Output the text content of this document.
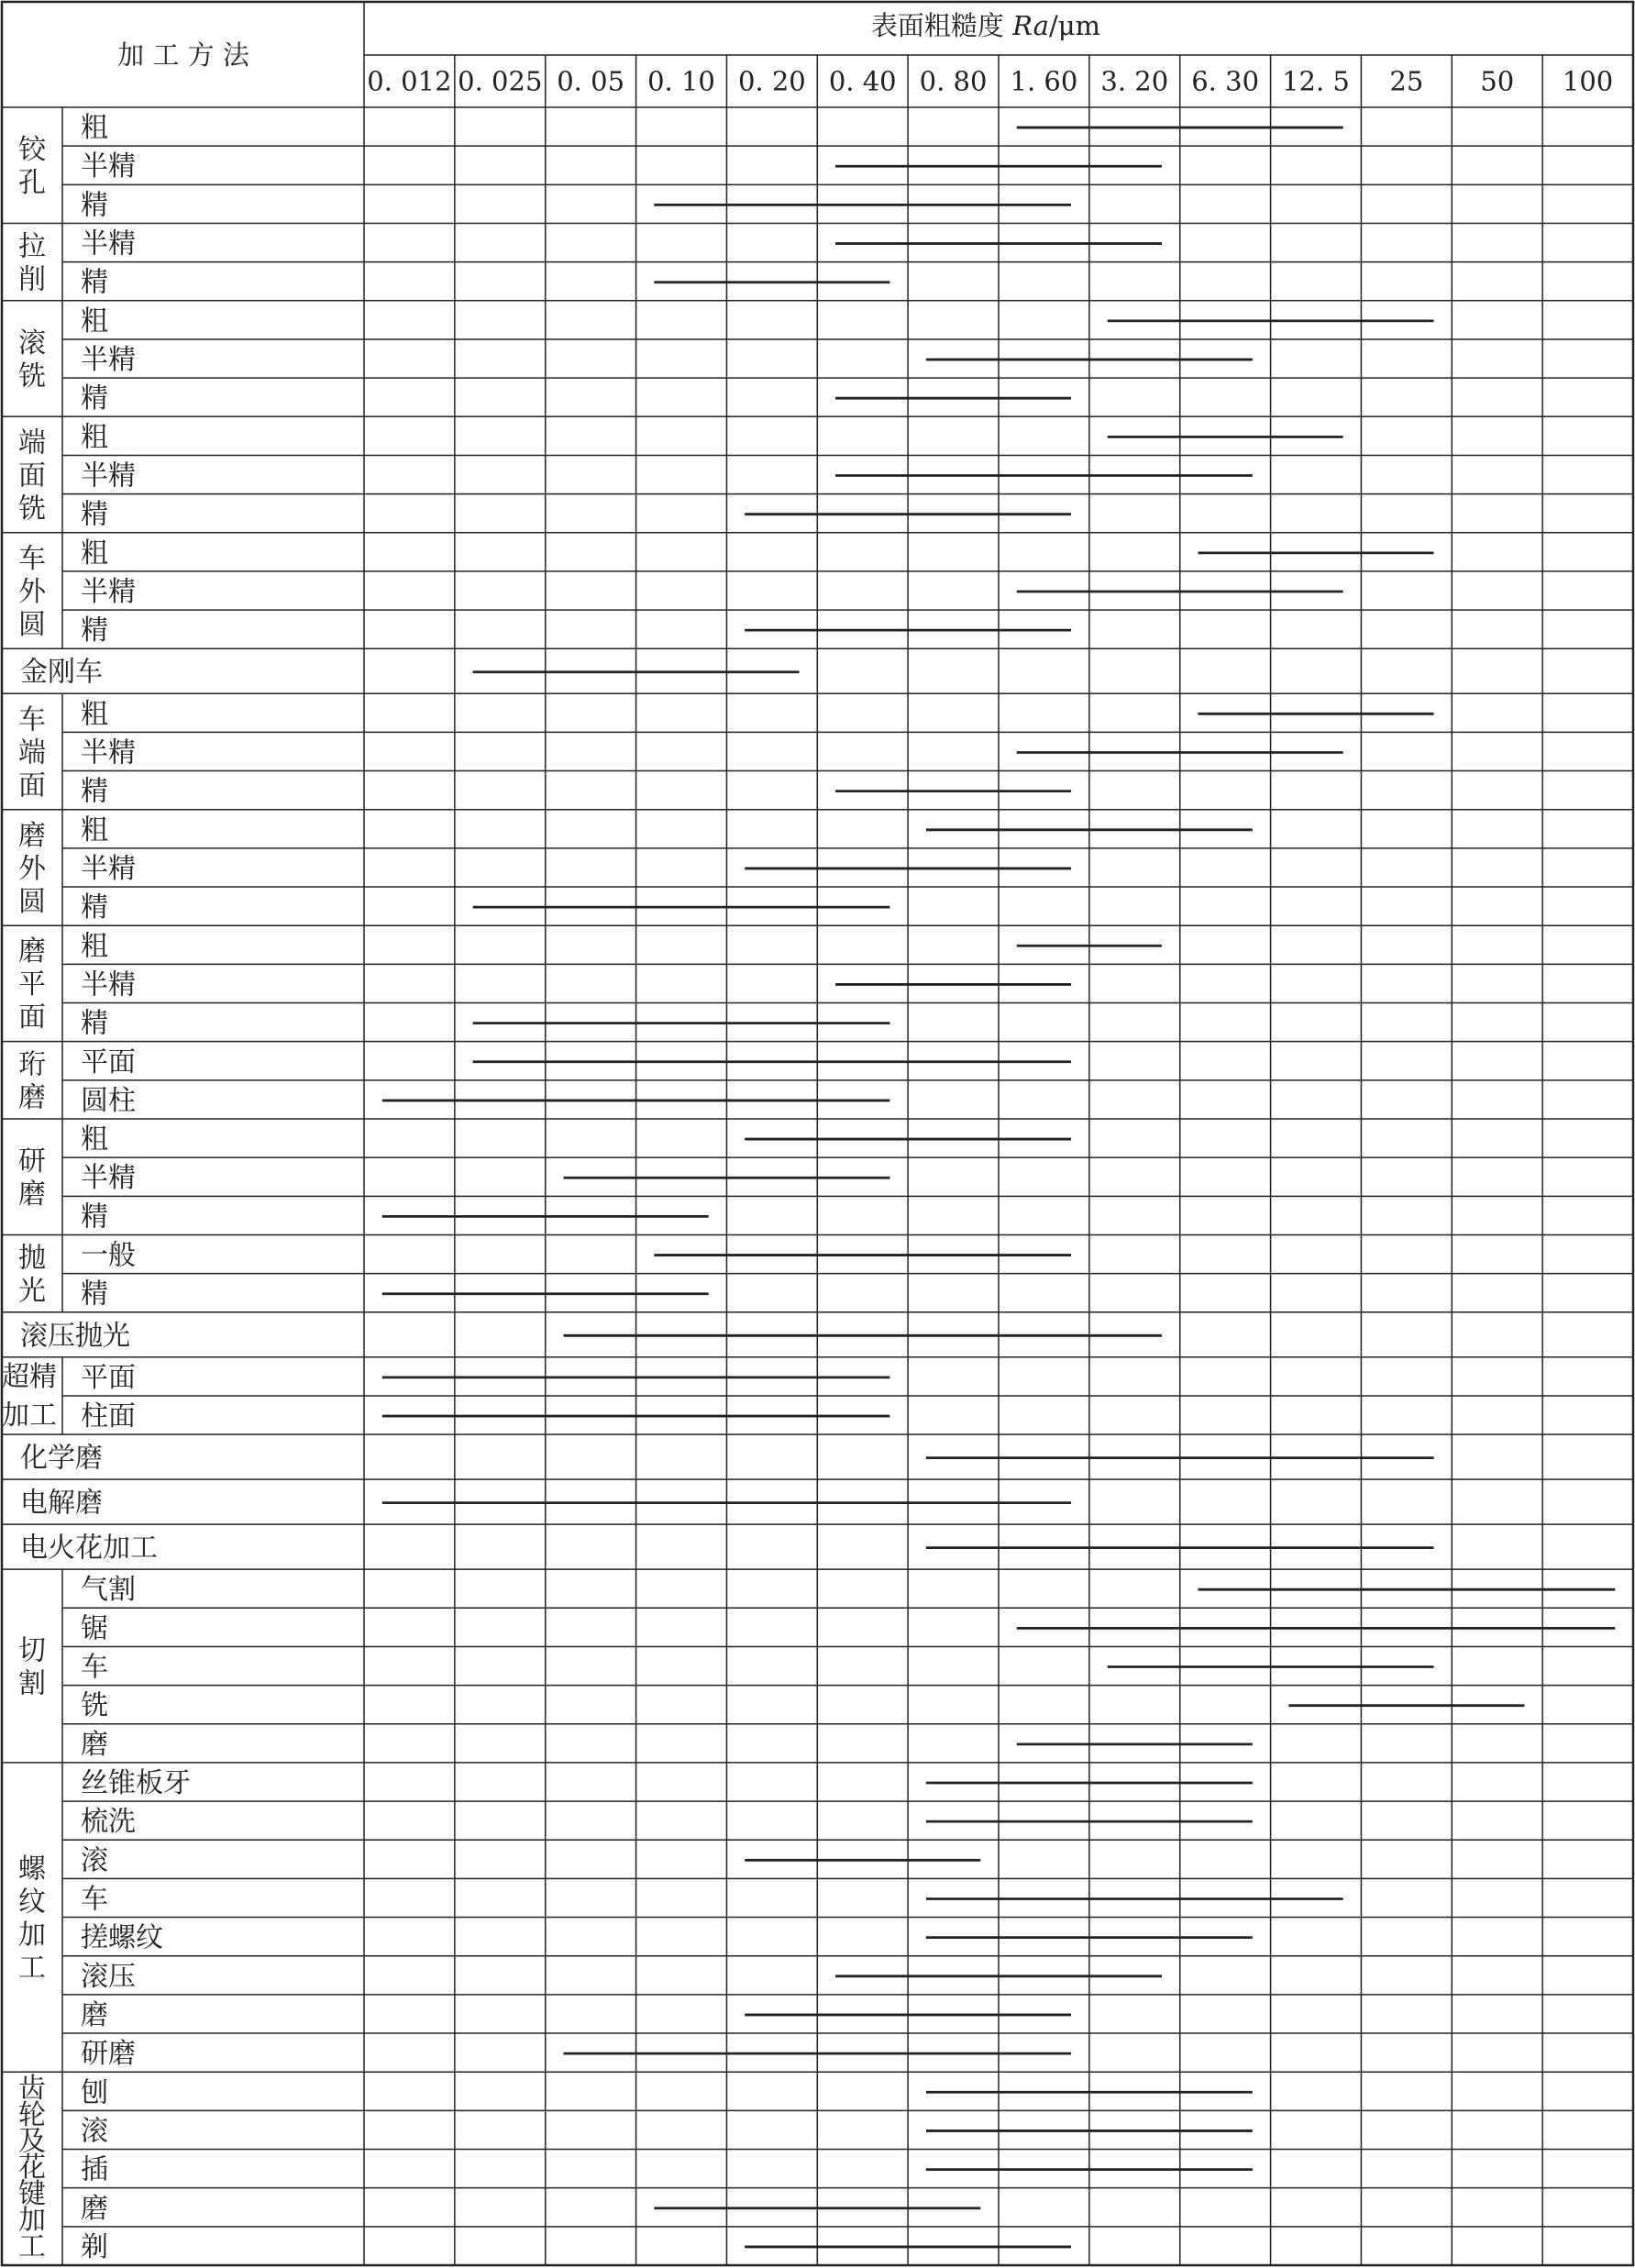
加 工 方 法
表面粗糙度 Ra/μm
0. 012 0. 025 0. 05 0. 10 0. 20 0. 40 0. 80 1. 60 3. 20 6. 30 12. 5 25 50 100
铰孔
粗
半精
精
拉削
半精
精
滚铣
粗
半精
精
端面铣
粗
半精
精
车外圆
粗
半精
精
金刚车
车端面
粗
半精
精
磨外圆
粗
半精
精
磨平面
粗
半精
精
珩磨
平面
圆柱
研磨
粗
半精
精
抛光
一般
精
滚压抛光
超精
加工
平面
柱面
化学磨
电解磨
电火花加工
切割
气割
锯
车
铣
磨
螺纹加工
丝锥板牙
梳洗
滚
车
搓螺纹
滚压
磨
研磨
齿轮及花键加工
刨
滚
插
磨
剃
